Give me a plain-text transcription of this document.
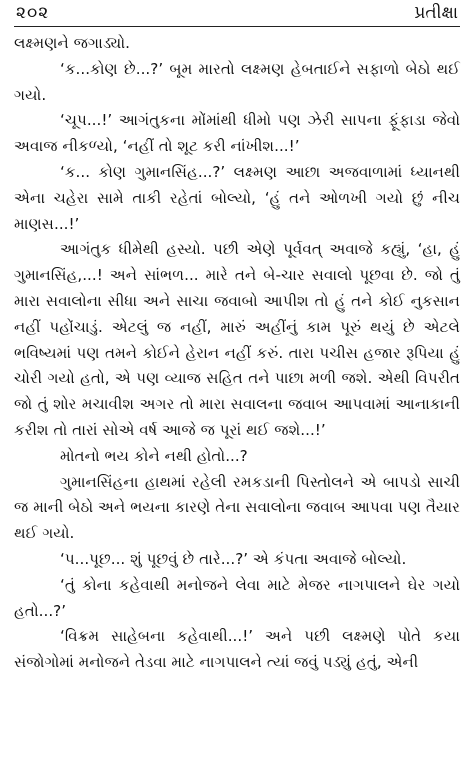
૨૦૨	પ્રતીક્ષા

લક્ષ્મણને જગાડ્યો.

‘ક...કોણ છે...?’ બૂમ મારતો લક્ષ્મણ હેબતાઈને સફાળો બેઠો થઈ ગયો.

‘ચૂપ...!’ આગંતુકના મોંમાંથી ધીમો પણ ઝેરી સાપના ફૂંફાડા જેવો અવાજ નીકળ્યો, ‘નહીં તો શૂટ કરી નાંખીશ...!’

‘ક... કોણ ગુમાનસિંહ...?’ લક્ષ્મણ આછા અજવાળામાં ધ્યાનથી એના ચહેરા સામે તાકી રહેતાં બોલ્યો, ‘હું તને ઓળખી ગયો છું નીચ માણસ...!’

આગંતુક ધીમેથી હસ્યો. પછી એણે પૂર્વવત્ અવાજે કહ્યું, ‘હા, હું ગુમાનસિંહ,...! અને સાંભળ... મારે તને બે-ચાર સવાલો પૂછવા છે. જો તું મારા સવાલોના સીધા અને સાચા જવાબો આપીશ તો હું તને કોઈ નુકસાન નહીં પહોંચાડું. એટલું જ નહીં, મારું અહીંનું કામ પૂરું થયું છે એટલે ભવિષ્યમાં પણ તમને કોઈને હેરાન નહીં કરું. તારા પચીસ હજાર રૂપિયા હું ચોરી ગયો હતો, એ પણ વ્યાજ સહિત તને પાછા મળી જશે. એથી વિપરીત જો તું શોર મચાવીશ અગર તો મારા સવાલના જવાબ આપવામાં આનાકાની કરીશ તો તારાં સોએ વર્ષ આજે જ પૂરાં થઈ જશે...!’

મોતનો ભય કોને નથી હોતો...?

ગુમાનસિંહના હાથમાં રહેલી રમકડાની પિસ્તોલને એ બાપડો સાચી જ માની બેઠો અને ભયના કારણે તેના સવાલોના જવાબ આપવા પણ તૈયાર થઈ ગયો.

‘પ...પૂછ... શું પૂછવું છે તારે...?’ એ કંપતા અવાજે બોલ્યો.

‘તું કોના કહેવાથી મનોજને લેવા માટે મેજર નાગપાલને ઘેર ગયો હતો...?’

‘વિક્રમ સાહેબના કહેવાથી...!’ અને પછી લક્ષ્મણે પોતે કયા સંજોગોમાં મનોજને તેડવા માટે નાગપાલને ત્યાં જવું પડ્યું હતું, એની
